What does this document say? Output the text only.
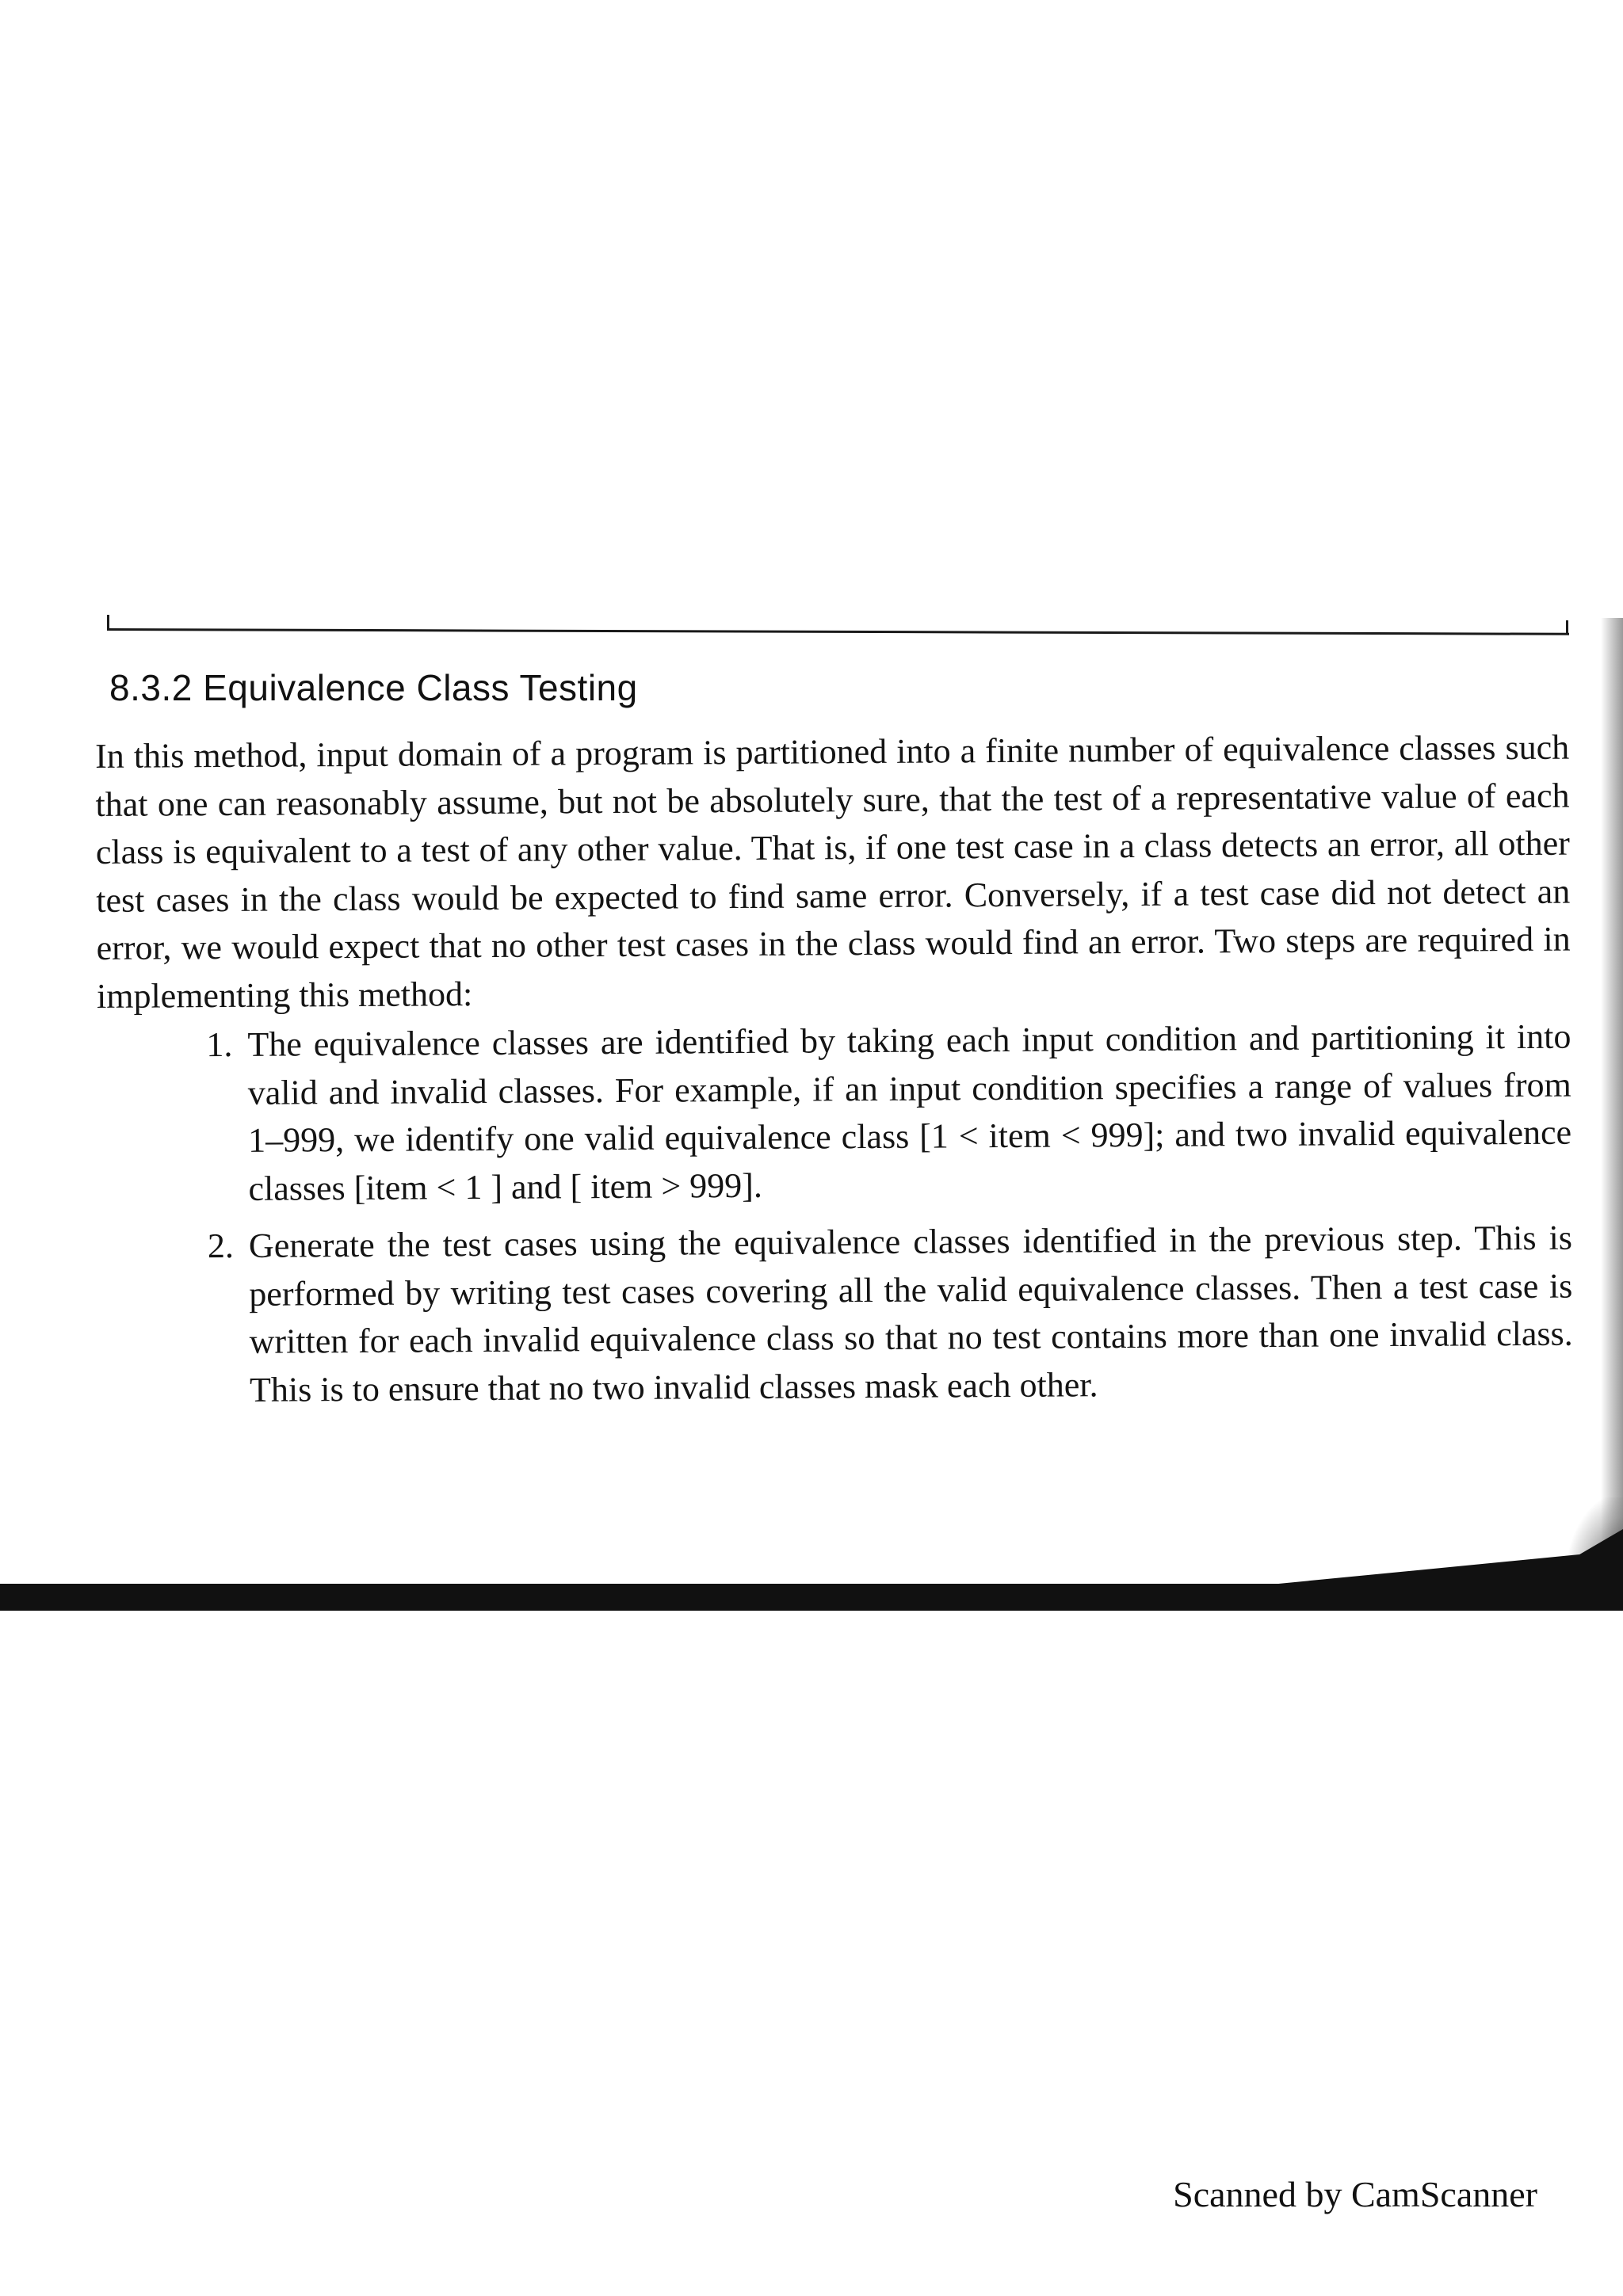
8.3.2 Equivalence Class Testing

In this method, input domain of a program is partitioned into a finite number of equivalence classes such that one can reasonably assume, but not be absolutely sure, that the test of a representative value of each class is equivalent to a test of any other value. That is, if one test case in a class detects an error, all other test cases in the class would be expected to find same error. Conversely, if a test case did not detect an error, we would expect that no other test cases in the class would find an error. Two steps are required in implementing this method:

1. The equivalence classes are identified by taking each input condition and partitioning it into valid and invalid classes. For example, if an input condition specifies a range of values from 1–999, we identify one valid equivalence class [1 < item < 999]; and two invalid equivalence classes [item < 1 ] and [ item > 999].
2. Generate the test cases using the equivalence classes identified in the previous step. This is performed by writing test cases covering all the valid equivalence classes. Then a test case is written for each invalid equivalence class so that no test contains more than one invalid class. This is to ensure that no two invalid classes mask each other.
Scanned by CamScanner
